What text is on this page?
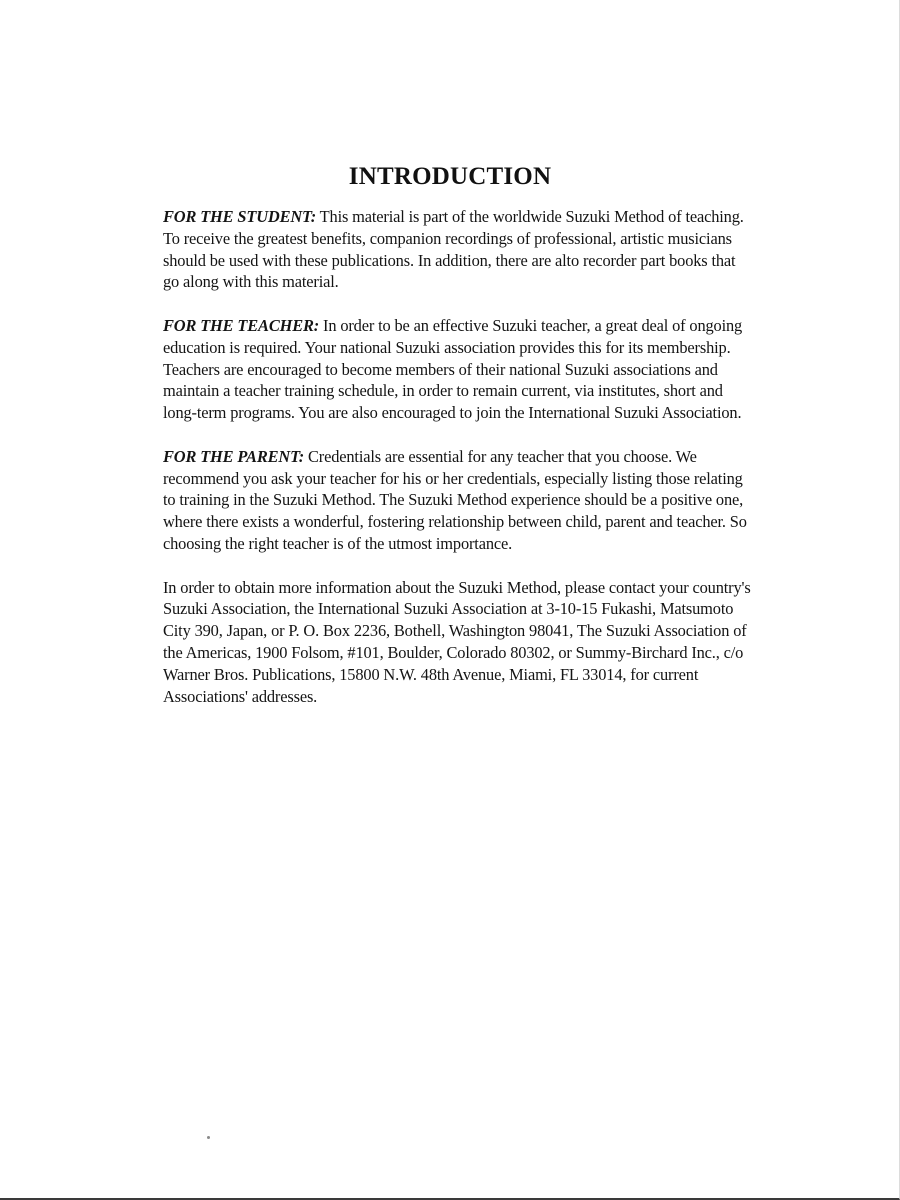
INTRODUCTION

FOR THE STUDENT: This material is part of the worldwide Suzuki Method of teaching. To receive the greatest benefits, companion recordings of professional, artistic musicians should be used with these publications. In addition, there are alto recorder part books that go along with this material.

FOR THE TEACHER: In order to be an effective Suzuki teacher, a great deal of ongoing education is required. Your national Suzuki association provides this for its membership. Teachers are encouraged to become members of their national Suzuki associations and maintain a teacher training schedule, in order to remain current, via institutes, short and long-term programs. You are also encouraged to join the International Suzuki Association.

FOR THE PARENT: Credentials are essential for any teacher that you choose. We recommend you ask your teacher for his or her credentials, especially listing those relating to training in the Suzuki Method. The Suzuki Method experience should be a positive one, where there exists a wonderful, fostering relationship between child, parent and teacher. So choosing the right teacher is of the utmost importance.

In order to obtain more information about the Suzuki Method, please contact your country's Suzuki Association, the International Suzuki Association at 3-10-15 Fukashi, Matsumoto City 390, Japan, or P. O. Box 2236, Bothell, Washington 98041, The Suzuki Association of the Americas, 1900 Folsom, #101, Boulder, Colorado 80302, or Summy-Birchard Inc., c/o Warner Bros. Publications, 15800 N.W. 48th Avenue, Miami, FL 33014, for current Associations' addresses.
